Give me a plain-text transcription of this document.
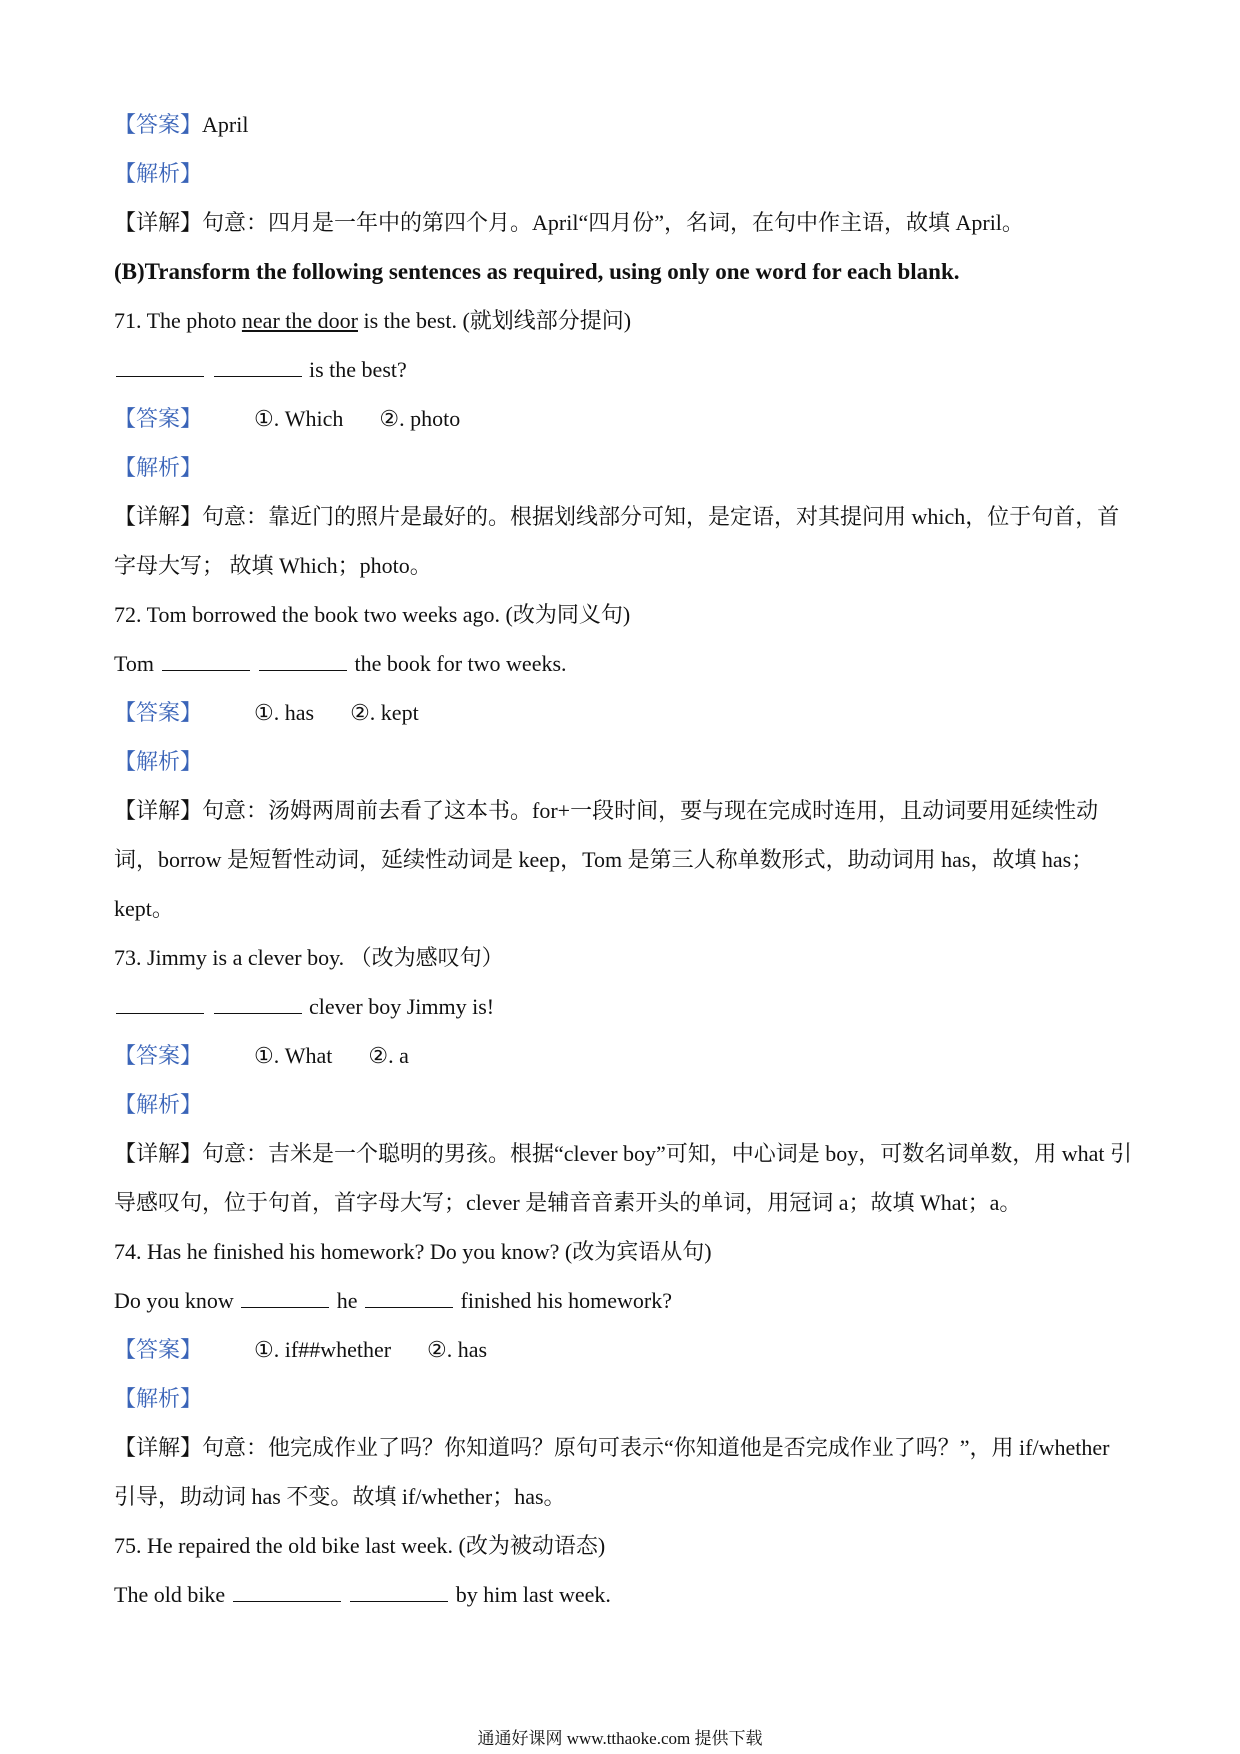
【答案】April
【解析】
【详解】句意：四月是一年中的第四个月。April“四月份”，名词，在句中作主语，故填 April。
(B)Transform the following sentences as required, using only one word for each blank.
71. The photo near the door is the best. (就划线部分提问)
is the best?
【答案】 ①. Which ②. photo
【解析】
【详解】句意：靠近门的照片是最好的。根据划线部分可知，是定语，对其提问用 which，位于句首，首
字母大写； 故填 Which；photo。
72. Tom borrowed the book two weeks ago. (改为同义句)
Tom	the book for two weeks.
【答案】 ①. has ②. kept
【解析】
【详解】句意：汤姆两周前去看了这本书。for+一段时间，要与现在完成时连用，且动词要用延续性动
词，borrow 是短暂性动词，延续性动词是 keep，Tom 是第三人称单数形式，助动词用 has，故填 has；
kept。
73. Jimmy is a clever boy. （改为感叹句）
clever boy Jimmy is!
【答案】 ①. What ②. a
【解析】
【详解】句意：吉米是一个聪明的男孩。根据“clever boy”可知，中心词是 boy，可数名词单数，用 what 引
导感叹句，位于句首，首字母大写；clever 是辅音音素开头的单词，用冠词 a；故填 What；a。
74. Has he finished his homework? Do you know? (改为宾语从句)
Do you know	he	finished his homework?
【答案】 ①. if##whether ②. has
【解析】
【详解】句意：他完成作业了吗？你知道吗？原句可表示“你知道他是否完成作业了吗？”，用 if/whether
引导，助动词 has 不变。故填 if/whether；has。
75. He repaired the old bike last week. (改为被动语态)
The old bike	by him last week.
通通好课网 www.tthaoke.com 提供下载
